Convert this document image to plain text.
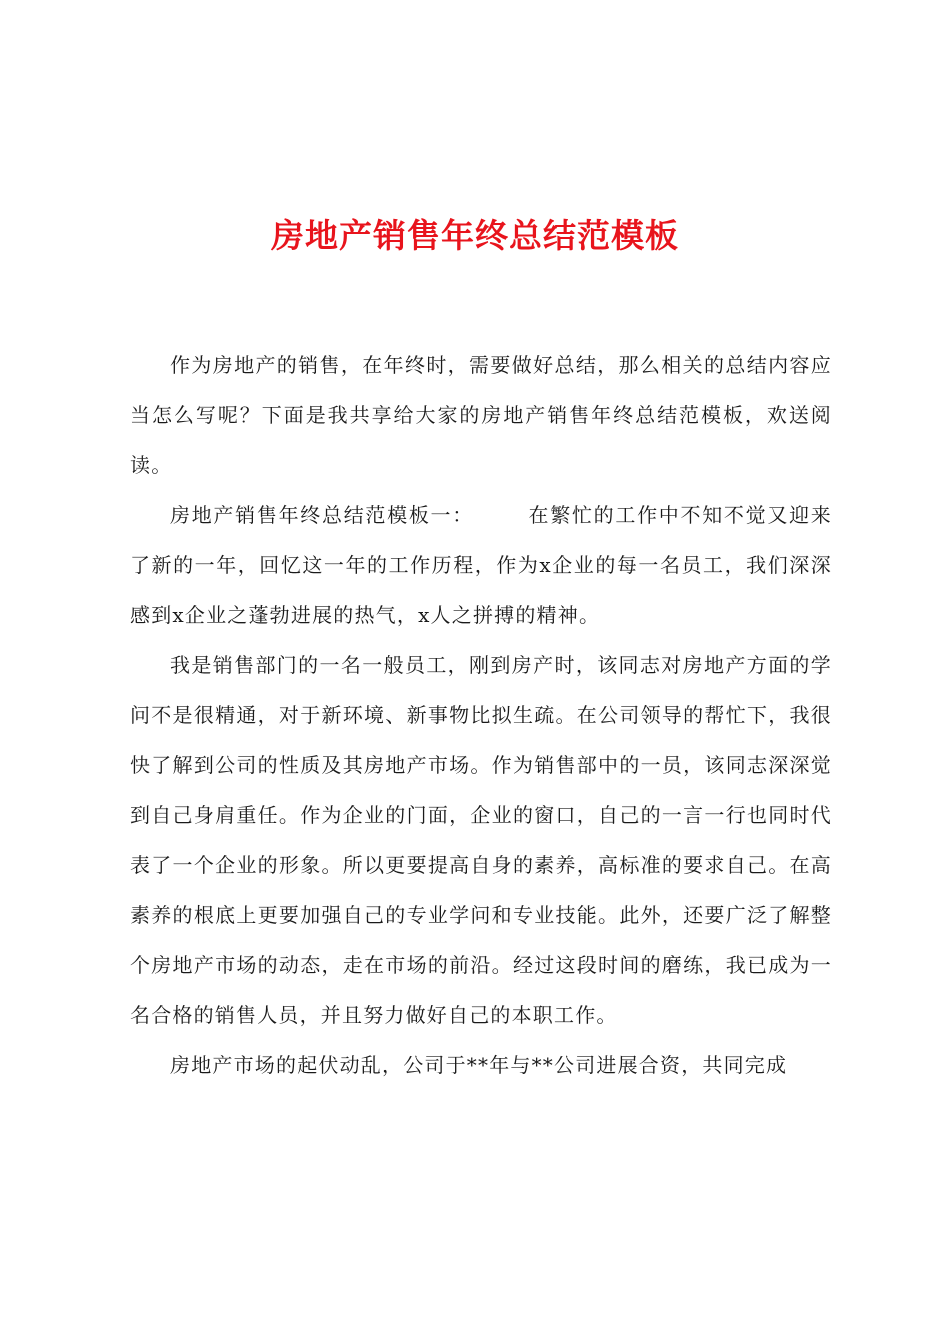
房地产销售年终总结范模板

作为房地产的销售，在年终时，需要做好总结，那么相关的总结内容应当怎么写呢？下面是我共享给大家的房地产销售年终总结范模板，欢送阅读。

房地产销售年终总结范模板一：	在繁忙的工作中不知不觉又迎来了新的一年，回忆这一年的工作历程，作为x企业的每一名员工，我们深深感到x企业之蓬勃进展的热气，x人之拼搏的精神。

我是销售部门的一名一般员工，刚到房产时，该同志对房地产方面的学问不是很精通，对于新环境、新事物比拟生疏。在公司领导的帮忙下，我很快了解到公司的性质及其房地产市场。作为销售部中的一员，该同志深深觉到自己身肩重任。作为企业的门面，企业的窗口，自己的一言一行也同时代表了一个企业的形象。所以更要提高自身的素养，高标准的要求自己。在高素养的根底上更要加强自己的专业学问和专业技能。此外，还要广泛了解整个房地产市场的动态，走在市场的前沿。经过这段时间的磨练，我已成为一名合格的销售人员，并且努力做好自己的本职工作。

房地产市场的起伏动乱，公司于**年与**公司进展合资，共同完成
